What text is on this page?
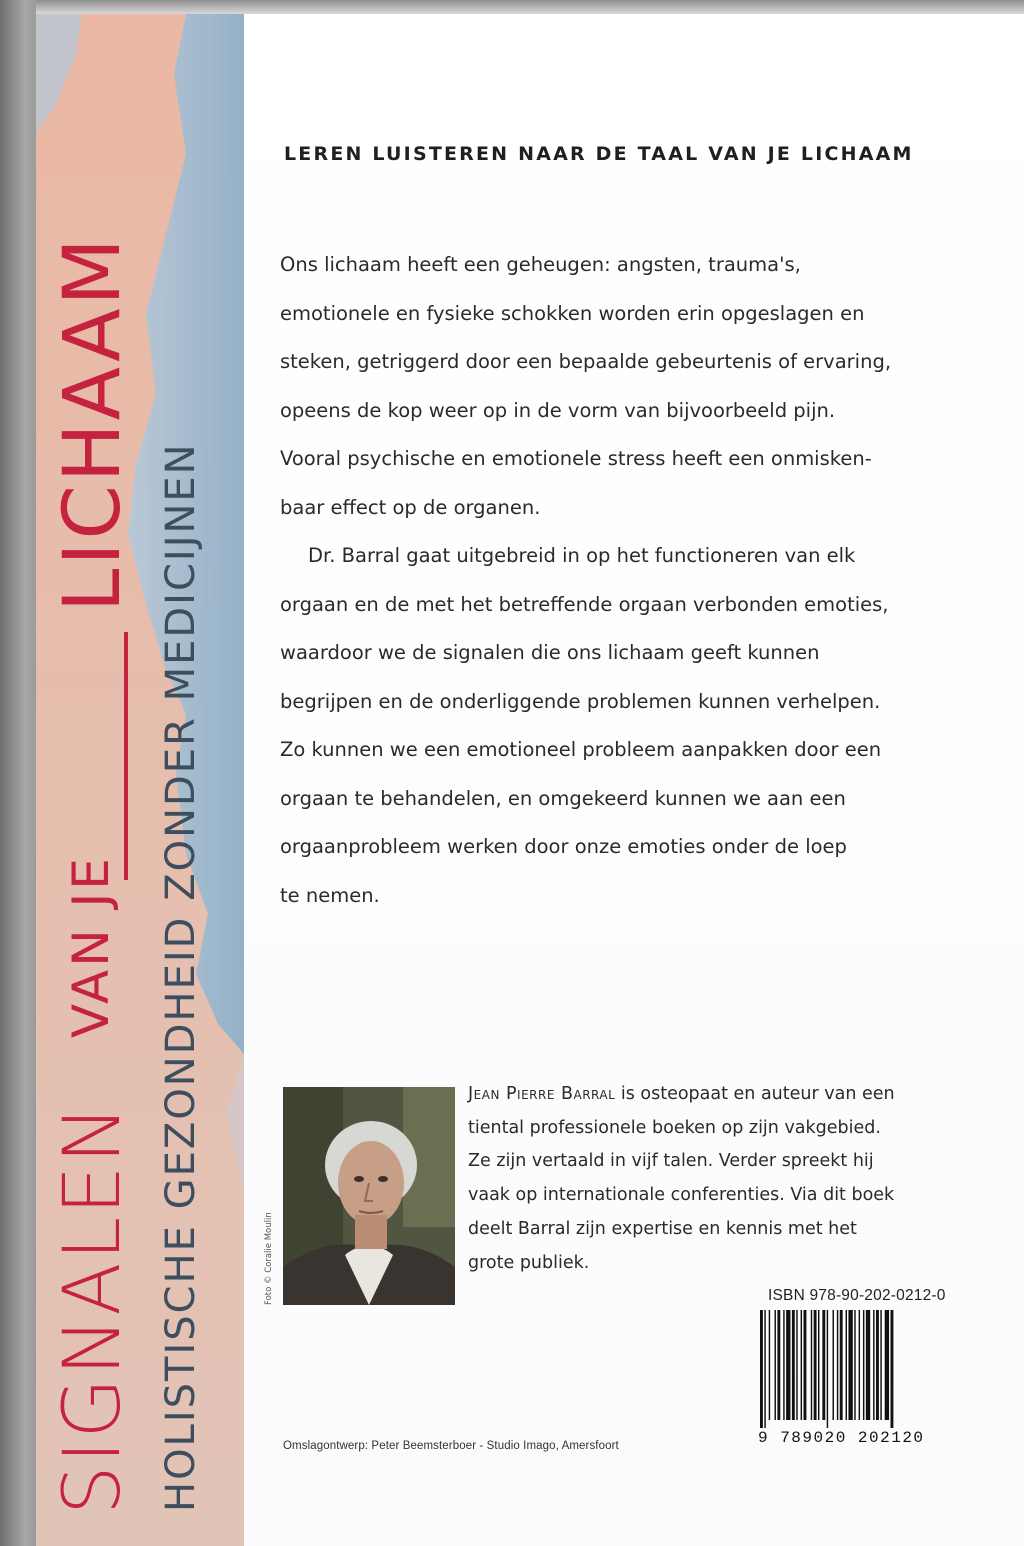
SIGNALEN
VAN JE
LICHAAM
HOLISTISCHE GEZONDHEID ZONDER MEDICIJNEN
LEREN LUISTEREN NAAR DE TAAL VAN JE LICHAAM
Ons lichaam heeft een geheugen: angsten, trauma's,
emotionele en fysieke schokken worden erin opgeslagen en
steken, getriggerd door een bepaalde gebeurtenis of ervaring,
opeens de kop weer op in de vorm van bijvoorbeeld pijn.
Vooral psychische en emotionele stress heeft een onmisken-
baar effect op de organen.
Dr. Barral gaat uitgebreid in op het functioneren van elk
orgaan en de met het betreffende orgaan verbonden emoties,
waardoor we de signalen die ons lichaam geeft kunnen
begrijpen en de onderliggende problemen kunnen verhelpen.
Zo kunnen we een emotioneel probleem aanpakken door een
orgaan te behandelen, en omgekeerd kunnen we aan een
orgaanprobleem werken door onze emoties onder de loep
te nemen.
Foto © Coralie Moulin
Jean Pierre Barral is osteopaat en auteur van een
tiental professionele boeken op zijn vakgebied.
Ze zijn vertaald in vijf talen. Verder spreekt hij
vaak op internationale conferenties. Via dit boek
deelt Barral zijn expertise en kennis met het
grote publiek.
ISBN 978-90-202-0212-0
9 789020 202120
Omslagontwerp: Peter Beemsterboer - Studio Imago, Amersfoort
